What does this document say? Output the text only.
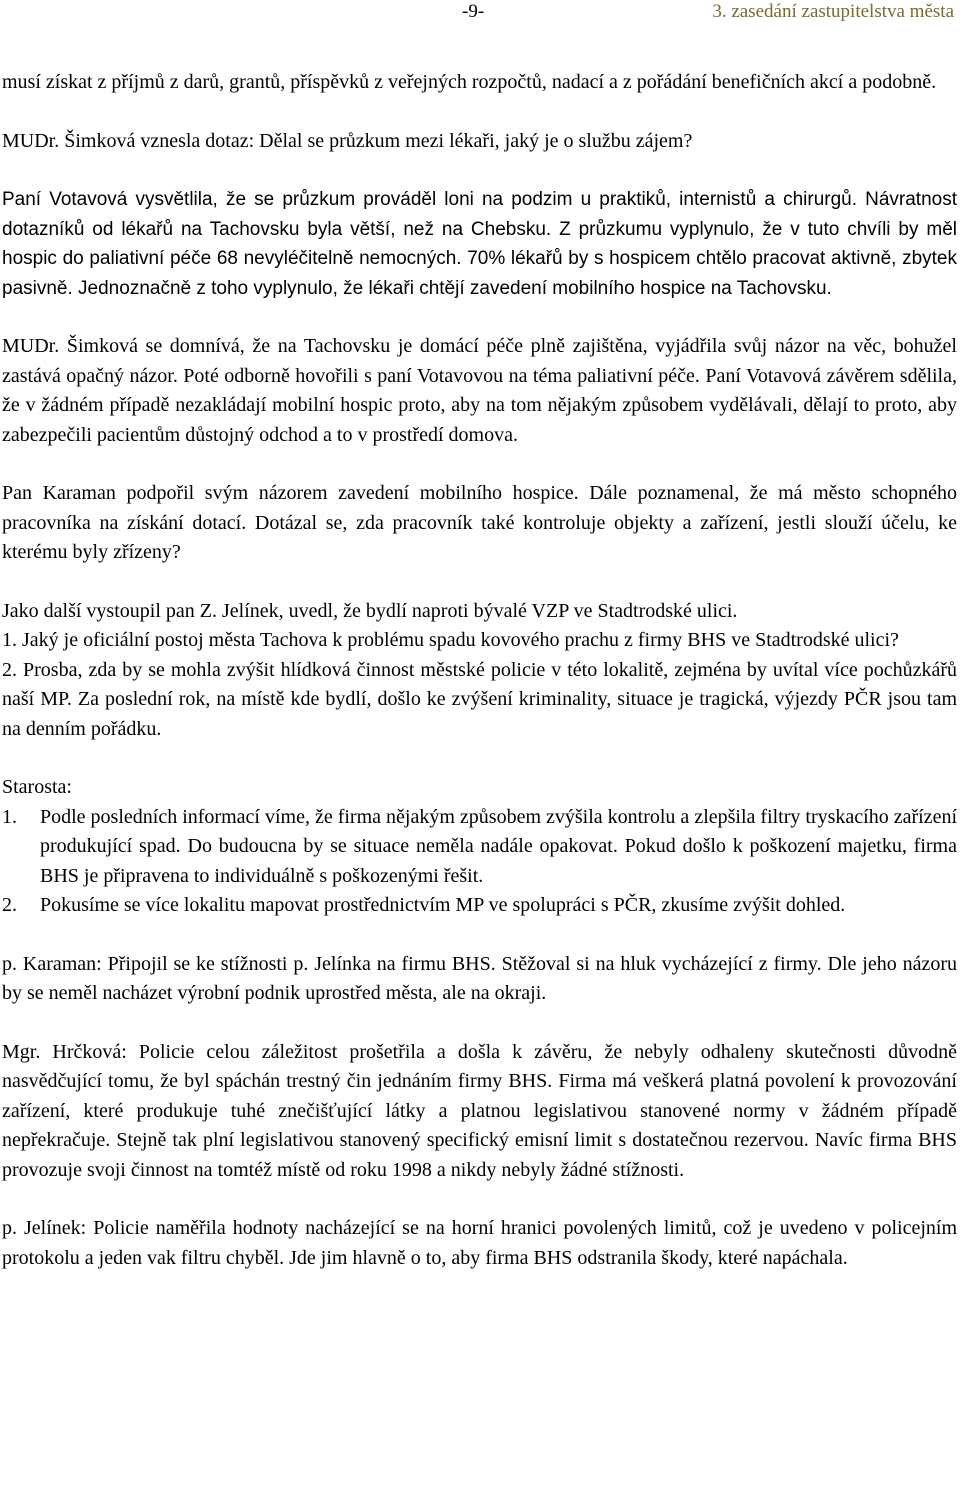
-9-	3. zasedání zastupitelstva města

musí získat z příjmů z darů, grantů, příspěvků z veřejných rozpočtů, nadací a z pořádání benefičních akcí a podobně.

MUDr. Šimková vznesla dotaz: Dělal se průzkum mezi lékaři, jaký je o službu zájem?

Paní Votavová vysvětlila, že se průzkum prováděl loni na podzim u praktiků, internistů a chirurgů. Návratnost dotazníků od lékařů na Tachovsku byla větší, než na Chebsku. Z průzkumu vyplynulo, že v tuto chvíli by měl hospic do paliativní péče 68 nevyléčitelně nemocných. 70% lékařů by s hospicem chtělo pracovat aktivně, zbytek pasivně. Jednoznačně z toho vyplynulo, že lékaři chtějí zavedení mobilního hospice na Tachovsku.

MUDr. Šimková se domnívá, že na Tachovsku je domácí péče plně zajištěna, vyjádřila svůj názor na věc, bohužel zastává opačný názor. Poté odborně hovořili s paní Votavovou na téma paliativní péče. Paní Votavová závěrem sdělila, že v žádném případě nezakládají mobilní hospic proto, aby na tom nějakým způsobem vydělávali, dělají to proto, aby zabezpečili pacientům důstojný odchod a to v prostředí domova.

Pan Karaman podpořil svým názorem zavedení mobilního hospice. Dále poznamenal, že má město schopného pracovníka na získání dotací. Dotázal se, zda pracovník také kontroluje objekty a zařízení, jestli slouží účelu, ke kterému byly zřízeny?

Jako další vystoupil pan Z. Jelínek, uvedl, že bydlí naproti bývalé VZP ve Stadtrodské ulici.

1. Jaký je oficiální postoj města Tachova k problému spadu kovového prachu z firmy BHS ve Stadtrodské ulici?

2. Prosba, zda by se mohla zvýšit hlídková činnost městské policie v této lokalitě, zejména by uvítal více pochůzkářů naší MP. Za poslední rok, na místě kde bydlí, došlo ke zvýšení kriminality, situace je tragická, výjezdy PČR jsou tam na denním pořádku.

Starosta:

1.	Podle posledních informací víme, že firma nějakým způsobem zvýšila kontrolu a zlepšila filtry tryskacího zařízení produkující spad. Do budoucna by se situace neměla nadále opakovat. Pokud došlo k poškození majetku, firma BHS je připravena to individuálně s poškozenými řešit.
2.	Pokusíme se více lokalitu mapovat prostřednictvím MP ve spolupráci s PČR, zkusíme zvýšit dohled.

p. Karaman: Připojil se ke stížnosti p. Jelínka na firmu BHS. Stěžoval si na hluk vycházející z firmy. Dle jeho názoru by se neměl nacházet výrobní podnik uprostřed města, ale na okraji.

Mgr. Hrčková: Policie celou záležitost prošetřila a došla k závěru, že nebyly odhaleny skutečnosti důvodně nasvědčující tomu, že byl spáchán trestný čin jednáním firmy BHS. Firma má veškerá platná povolení k provozování zařízení, které produkuje tuhé znečišťující látky a platnou legislativou stanovené normy v žádném případě nepřekračuje. Stejně tak plní legislativou stanovený specifický emisní limit s dostatečnou rezervou. Navíc firma BHS provozuje svoji činnost na tomtéž místě od roku 1998 a nikdy nebyly žádné stížnosti.

p. Jelínek: Policie naměřila hodnoty nacházející se na horní hranici povolených limitů, což je uvedeno v policejním protokolu a jeden vak filtru chyběl. Jde jim hlavně o to, aby firma BHS odstranila škody, které napáchala.
